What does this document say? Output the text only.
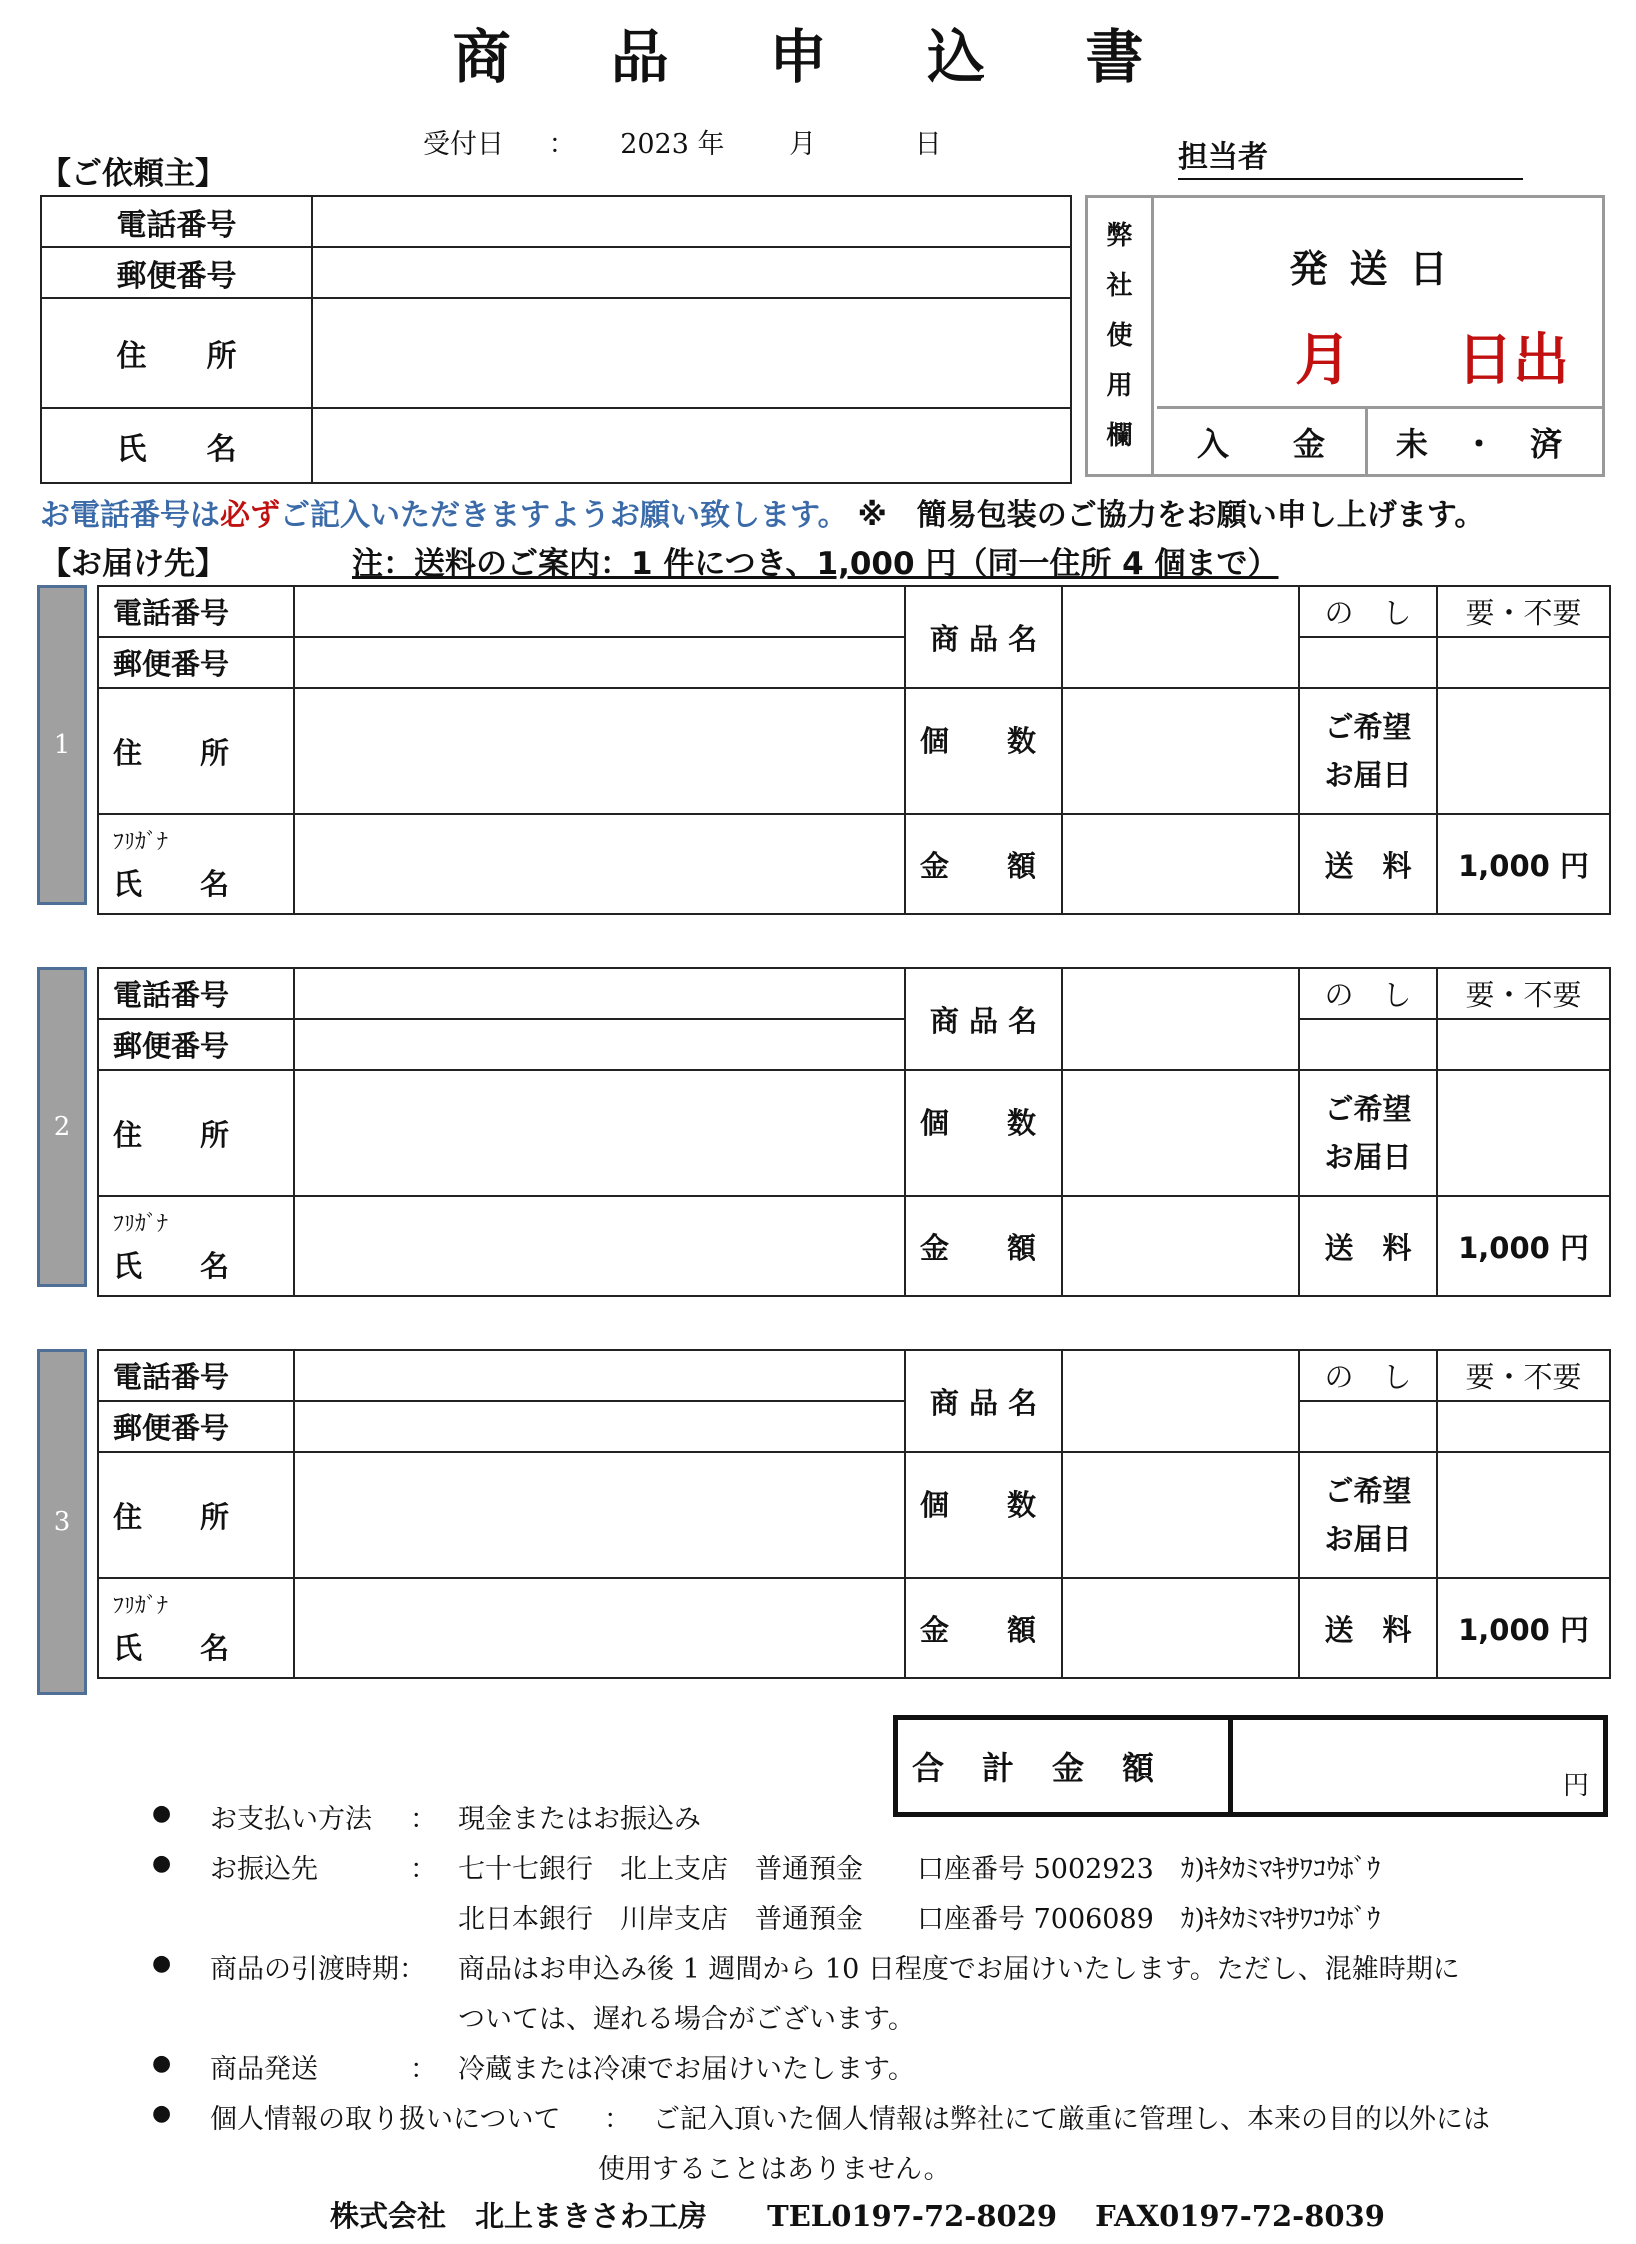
商 品 申 込 書
受付日 ： 2023 年 月	日	担当者
【ご依頼主】
電話番号	
郵便番号	
住　　所	
氏　　名	
弊
社
使
用
欄
発送日
月 日出
入　　金	未 ・ 済
お電話番号は必ずご記入いただきますようお願い致します。 ※　簡易包装のご協力をお願い申し上げます。
【お届け先】	注：送料のご案内：1 件につき、1,000 円（同一住所 4 個まで）
1
電話番号		商 品 名		の　し	要・不要
郵便番号					
住　　所		個　　数		ご希望
お届日	

ﾌﾘｶﾞﾅ
氏　　名		金　　額		送　料	1,000 円
2
電話番号		商 品 名		の　し	要・不要
郵便番号					
住　　所		個　　数		ご希望
お届日	

ﾌﾘｶﾞﾅ
氏　　名		金　　額		送　料	1,000 円
3
電話番号		商 品 名		の　し	要・不要
郵便番号					
住　　所		個　　数		ご希望
お届日	

ﾌﾘｶﾞﾅ
氏　　名		金　　額		送　料	1,000 円
合計金額	円
● お支払い方法 ： 現金またはお振込み
● お振込先	： 七十七銀行　北上支店　普通預金　　口座番号 5002923　ｶ)ｷﾀｶﾐﾏｷｻﾜｺｳﾎﾞｳ
北日本銀行　川岸支店　普通預金　　口座番号 7006089　ｶ)ｷﾀｶﾐﾏｷｻﾜｺｳﾎﾞｳ
● 商品の引渡時期： 商品はお申込み後 1 週間から 10 日程度でお届けいたします。ただし、混雑時期に
ついては、遅れる場合がございます。
● 商品発送	： 冷蔵または冷凍でお届けいたします。
● 個人情報の取り扱いについて ： ご記入頂いた個人情報は弊社にて厳重に管理し、本来の目的以外には
使用することはありません。
株式会社　北上まきさわ工房 TEL0197-72-8029 FAX0197-72-8039
